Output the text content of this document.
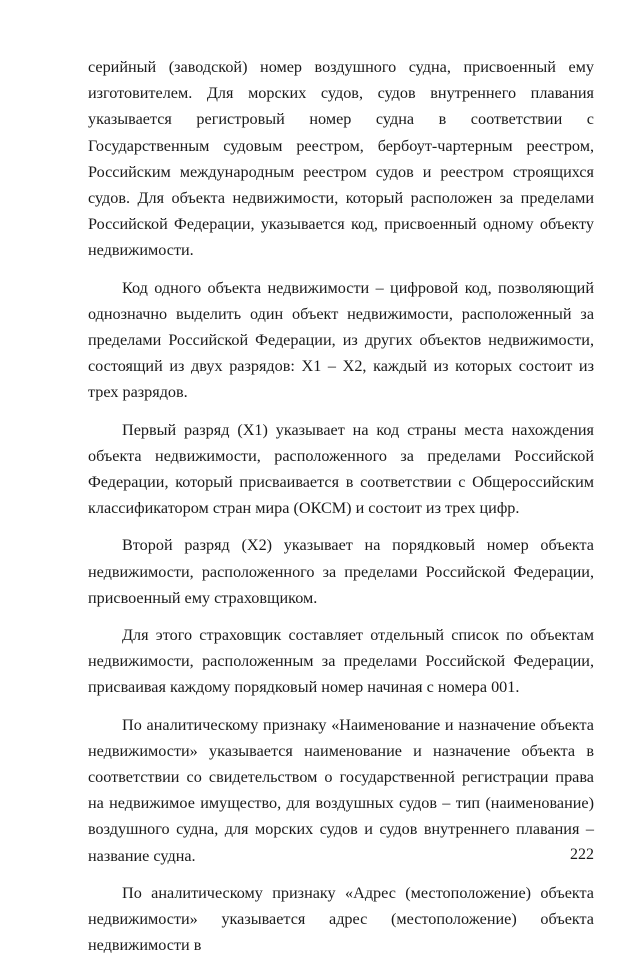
серийный (заводской) номер воздушного судна, присвоенный ему изготовителем. Для морских судов, судов внутреннего плавания указывается регистровый номер судна в соответствии с Государственным судовым реестром, бербоут-чартерным реестром, Российским международным реестром судов и реестром строящихся судов. Для объекта недвижимости, который расположен за пределами Российской Федерации, указывается код, присвоенный одному объекту недвижимости.

Код одного объекта недвижимости – цифровой код, позволяющий однозначно выделить один объект недвижимости, расположенный за пределами Российской Федерации, из других объектов недвижимости, состоящий из двух разрядов: X1 – X2, каждый из которых состоит из трех разрядов.

Первый разряд (X1) указывает на код страны места нахождения объекта недвижимости, расположенного за пределами Российской Федерации, который присваивается в соответствии с Общероссийским классификатором стран мира (ОКСМ) и состоит из трех цифр.

Второй разряд (X2) указывает на порядковый номер объекта недвижимости, расположенного за пределами Российской Федерации, присвоенный ему страховщиком.

Для этого страховщик составляет отдельный список по объектам недвижимости, расположенным за пределами Российской Федерации, присваивая каждому порядковый номер начиная с номера 001.

По аналитическому признаку «Наименование и назначение объекта недвижимости» указывается наименование и назначение объекта в соответствии со свидетельством о государственной регистрации права на недвижимое имущество, для воздушных судов – тип (наименование) воздушного судна, для морских судов и судов внутреннего плавания – название судна.

По аналитическому признаку «Адрес (местоположение) объекта недвижимости» указывается адрес (местоположение) объекта недвижимости в

222
